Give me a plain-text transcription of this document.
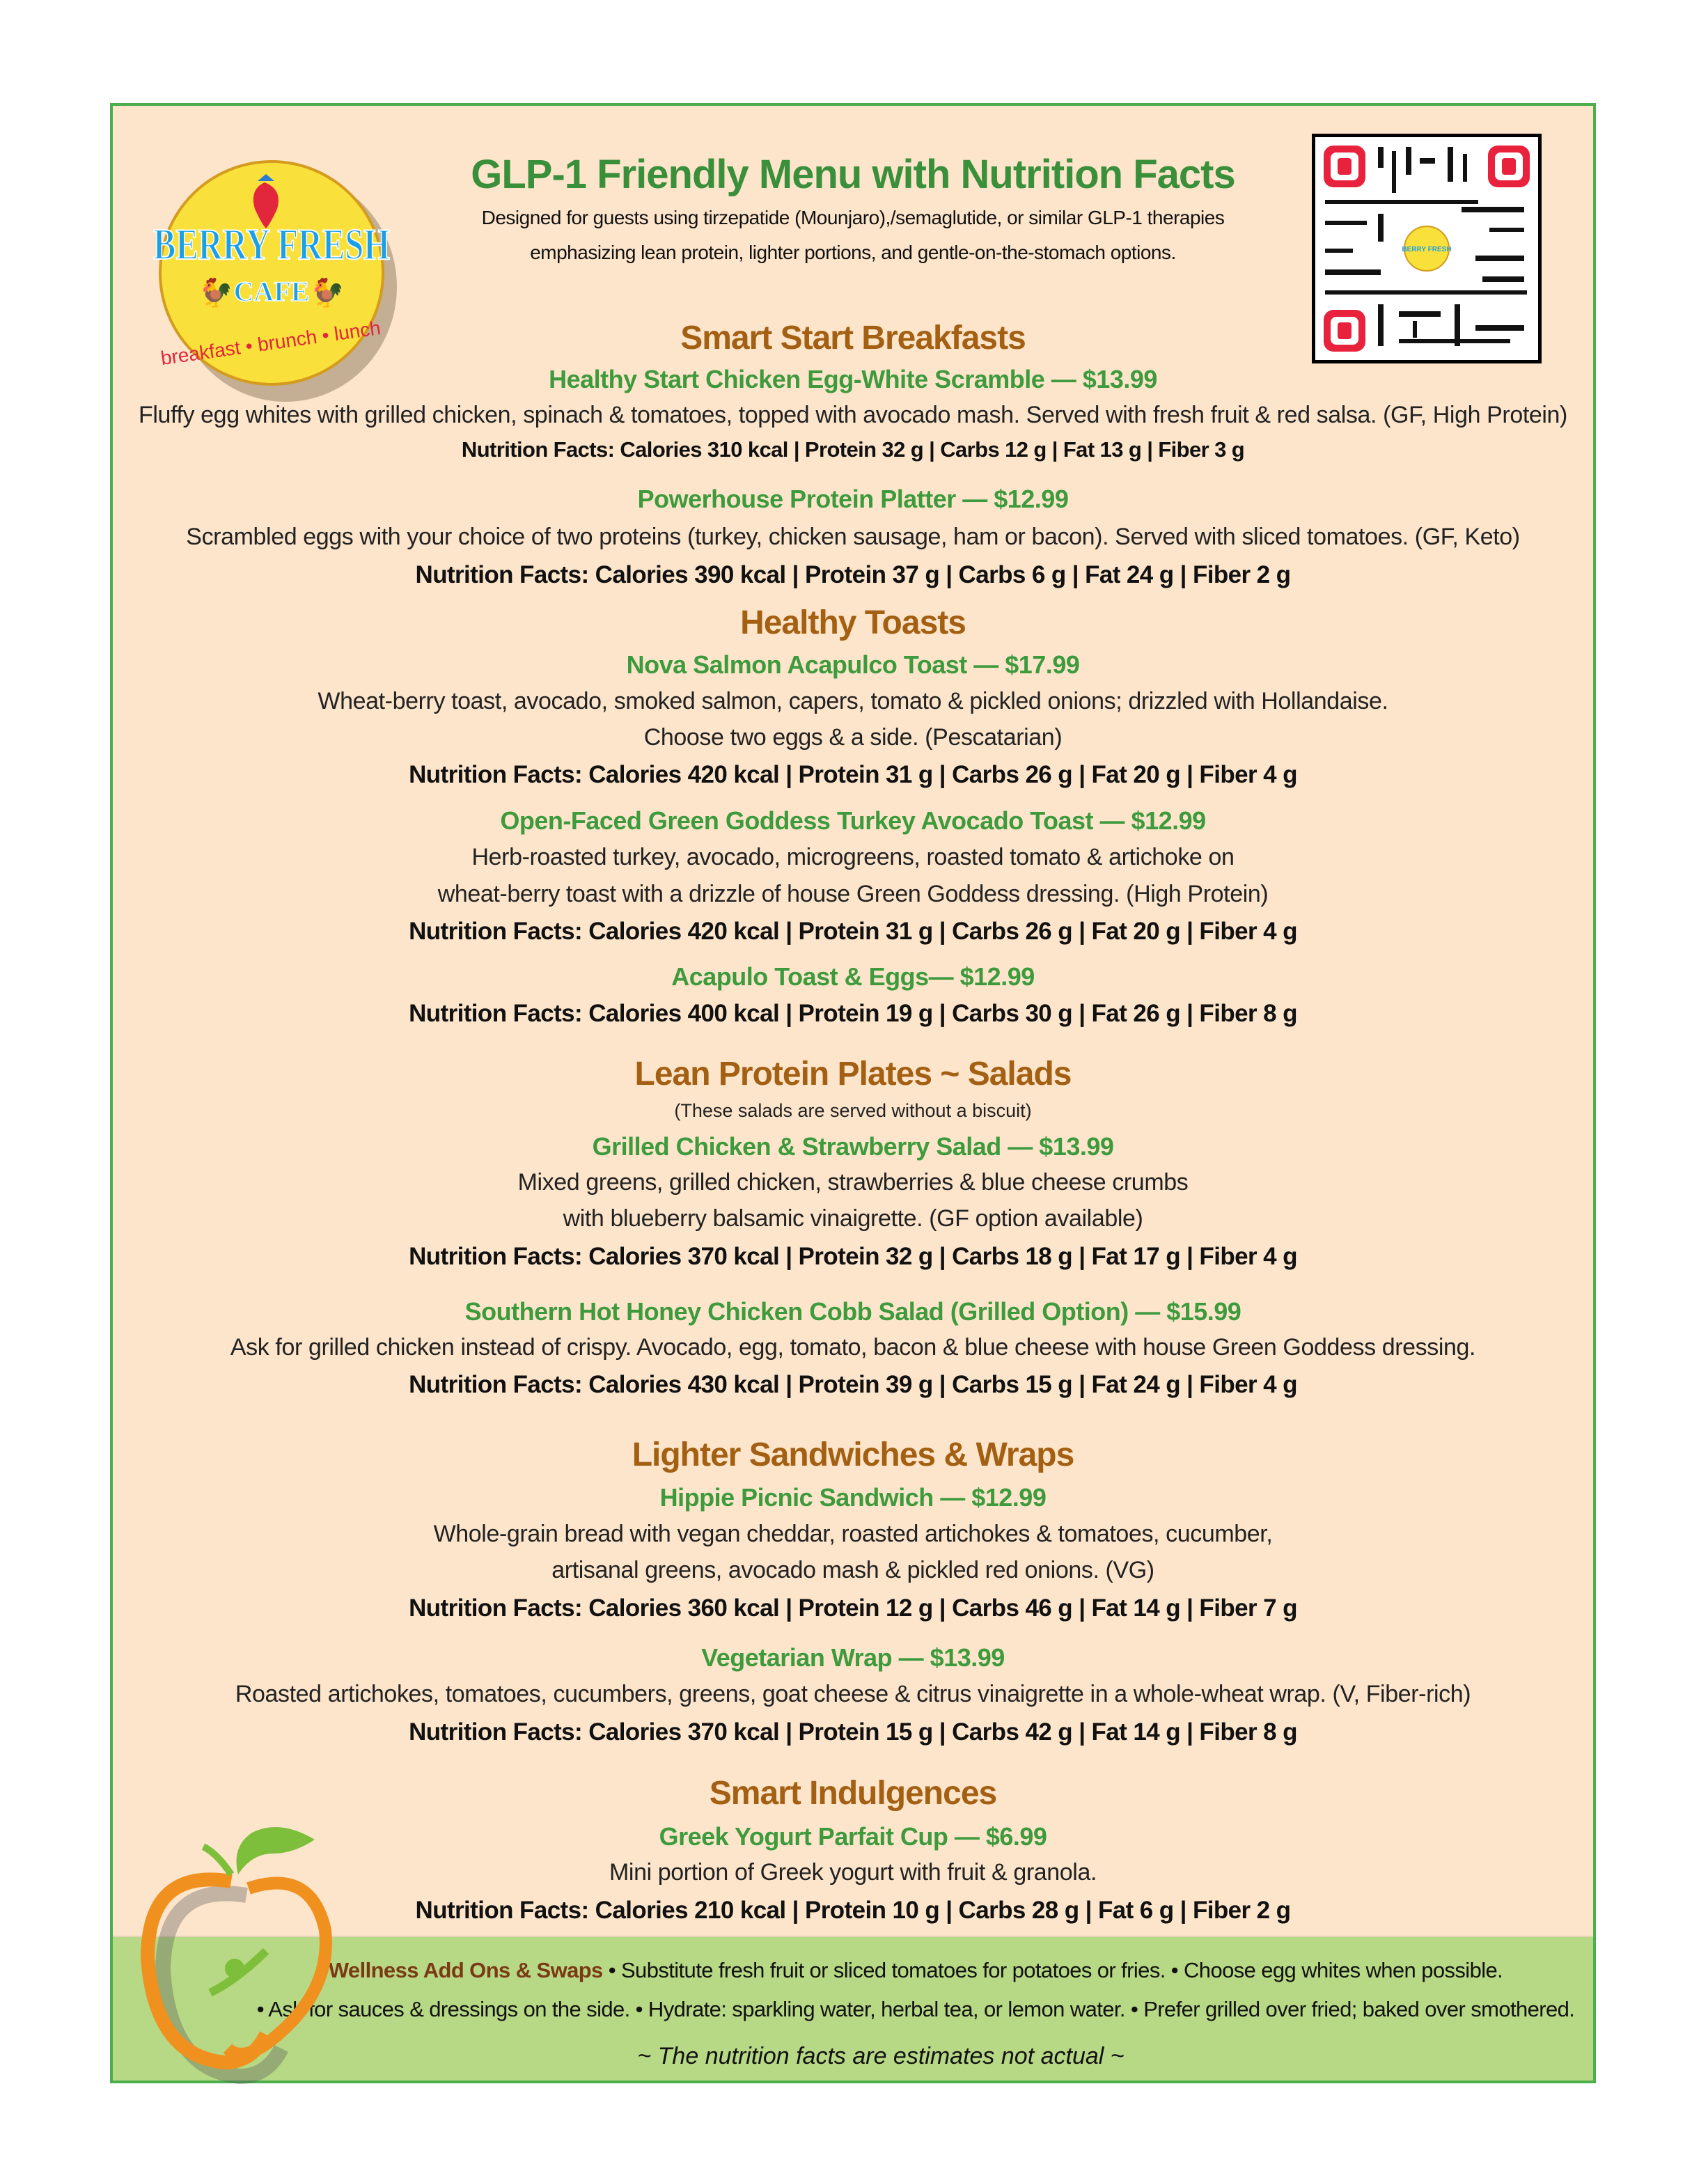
BERRY FRESH
CAFE
🐓	🐓
breakfast • brunch • lunch
GLP-1 Friendly Menu with Nutrition Facts
Designed for guests using tirzepatide (Mounjaro),/semaglutide, or similar GLP-1 therapies
emphasizing lean protein, lighter portions, and gentle-on-the-stomach options.	BERRY FRESH
Smart Start Breakfasts
Healthy Start Chicken Egg-White Scramble — $13.99
Fluffy egg whites with grilled chicken, spinach & tomatoes, topped with avocado mash. Served with fresh fruit & red salsa. (GF, High Protein)
Nutrition Facts: Calories 310 kcal | Protein 32 g | Carbs 12 g | Fat 13 g | Fiber 3 g
Powerhouse Protein Platter — $12.99
Scrambled eggs with your choice of two proteins (turkey, chicken sausage, ham or bacon). Served with sliced tomatoes. (GF, Keto)
Nutrition Facts: Calories 390 kcal | Protein 37 g | Carbs 6 g | Fat 24 g | Fiber 2 g
Healthy Toasts
Nova Salmon Acapulco Toast — $17.99
Wheat-berry toast, avocado, smoked salmon, capers, tomato & pickled onions; drizzled with Hollandaise.
Choose two eggs & a side. (Pescatarian)
Nutrition Facts: Calories 420 kcal | Protein 31 g | Carbs 26 g | Fat 20 g | Fiber 4 g
Open-Faced Green Goddess Turkey Avocado Toast — $12.99
Herb-roasted turkey, avocado, microgreens, roasted tomato & artichoke on
wheat-berry toast with a drizzle of house Green Goddess dressing. (High Protein)
Nutrition Facts: Calories 420 kcal | Protein 31 g | Carbs 26 g | Fat 20 g | Fiber 4 g
Acapulo Toast & Eggs— $12.99
Nutrition Facts: Calories 400 kcal | Protein 19 g | Carbs 30 g | Fat 26 g | Fiber 8 g
Lean Protein Plates ~ Salads
(These salads are served without a biscuit)
Grilled Chicken & Strawberry Salad — $13.99
Mixed greens, grilled chicken, strawberries & blue cheese crumbs
with blueberry balsamic vinaigrette. (GF option available)
Nutrition Facts: Calories 370 kcal | Protein 32 g | Carbs 18 g | Fat 17 g | Fiber 4 g
Southern Hot Honey Chicken Cobb Salad (Grilled Option) — $15.99
Ask for grilled chicken instead of crispy. Avocado, egg, tomato, bacon & blue cheese with house Green Goddess dressing.
Nutrition Facts: Calories 430 kcal | Protein 39 g | Carbs 15 g | Fat 24 g | Fiber 4 g
Lighter Sandwiches & Wraps
Hippie Picnic Sandwich — $12.99
Whole-grain bread with vegan cheddar, roasted artichokes & tomatoes, cucumber,
artisanal greens, avocado mash & pickled red onions. (VG)
Nutrition Facts: Calories 360 kcal | Protein 12 g | Carbs 46 g | Fat 14 g | Fiber 7 g
Vegetarian Wrap — $13.99
Roasted artichokes, tomatoes, cucumbers, greens, goat cheese & citrus vinaigrette in a whole-wheat wrap. (V, Fiber-rich)
Nutrition Facts: Calories 370 kcal | Protein 15 g | Carbs 42 g | Fat 14 g | Fiber 8 g
Smart Indulgences
Greek Yogurt Parfait Cup — $6.99
Mini portion of Greek yogurt with fruit & granola.
Nutrition Facts: Calories 210 kcal | Protein 10 g | Carbs 28 g | Fat 6 g | Fiber 2 g
Wellness Add Ons & Swaps • Substitute fresh fruit or sliced tomatoes for potatoes or fries. • Choose egg whites when possible.
• Ask for sauces & dressings on the side. • Hydrate: sparkling water, herbal tea, or lemon water. • Prefer grilled over fried; baked over smothered.
~ The nutrition facts are estimates not actual ~
